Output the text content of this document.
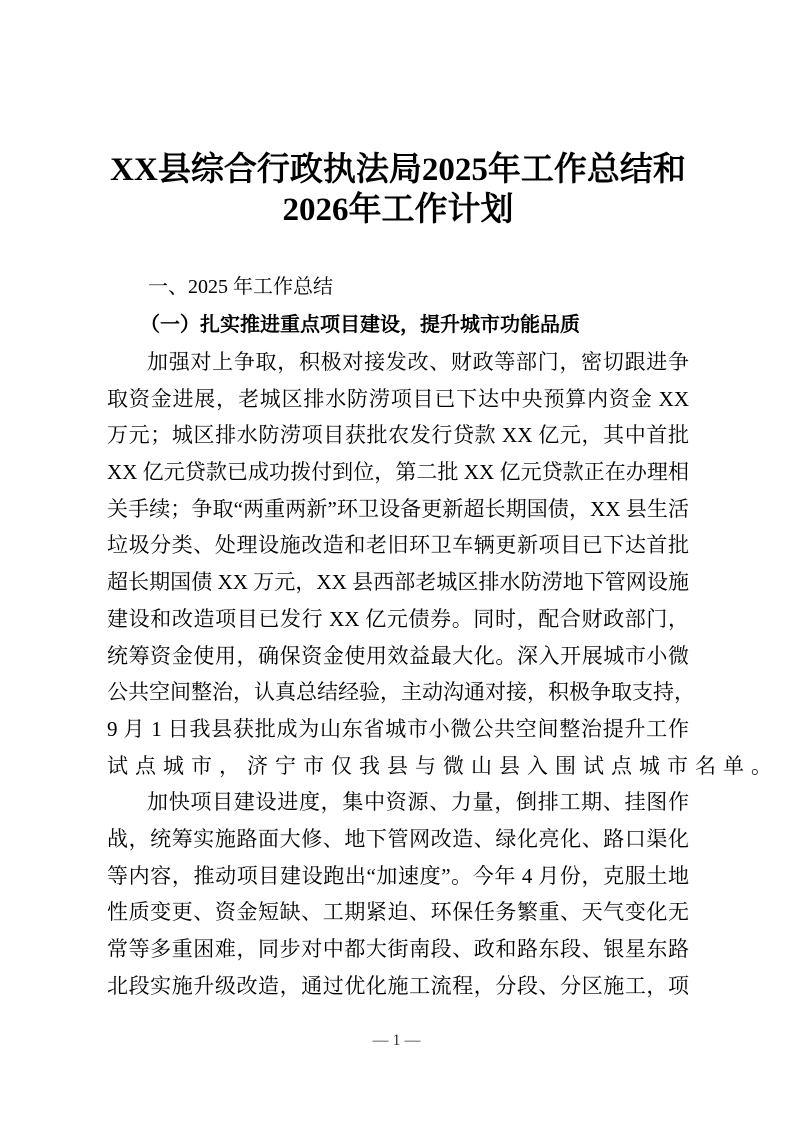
XX县综合行政执法局2025年工作总结和
2026年工作计划
一、2025 年工作总结
（一）扎实推进重点项目建设，提升城市功能品质
加强对上争取，积极对接发改、财政等部门，密切跟进争
取资金进展，老城区排水防涝项目已下达中央预算内资金 XX
万元；城区排水防涝项目获批农发行贷款 XX 亿元，其中首批
XX 亿元贷款已成功拨付到位，第二批 XX 亿元贷款正在办理相
关手续；争取“两重两新”环卫设备更新超长期国债，XX 县生活
垃圾分类、处理设施改造和老旧环卫车辆更新项目已下达首批
超长期国债 XX 万元，XX 县西部老城区排水防涝地下管网设施
建设和改造项目已发行 XX 亿元债券。同时，配合财政部门，
统筹资金使用，确保资金使用效益最大化。深入开展城市小微
公共空间整治，认真总结经验，主动沟通对接，积极争取支持，
9 月 1 日我县获批成为山东省城市小微公共空间整治提升工作
试点城市，济宁市仅我县与微山县入围试点城市名单。
加快项目建设进度，集中资源、力量，倒排工期、挂图作
战，统筹实施路面大修、地下管网改造、绿化亮化、路口渠化
等内容，推动项目建设跑出“加速度”。今年 4 月份，克服土地
性质变更、资金短缺、工期紧迫、环保任务繁重、天气变化无
常等多重困难，同步对中都大街南段、政和路东段、银星东路
北段实施升级改造，通过优化施工流程，分段、分区施工，项
— 1 —
